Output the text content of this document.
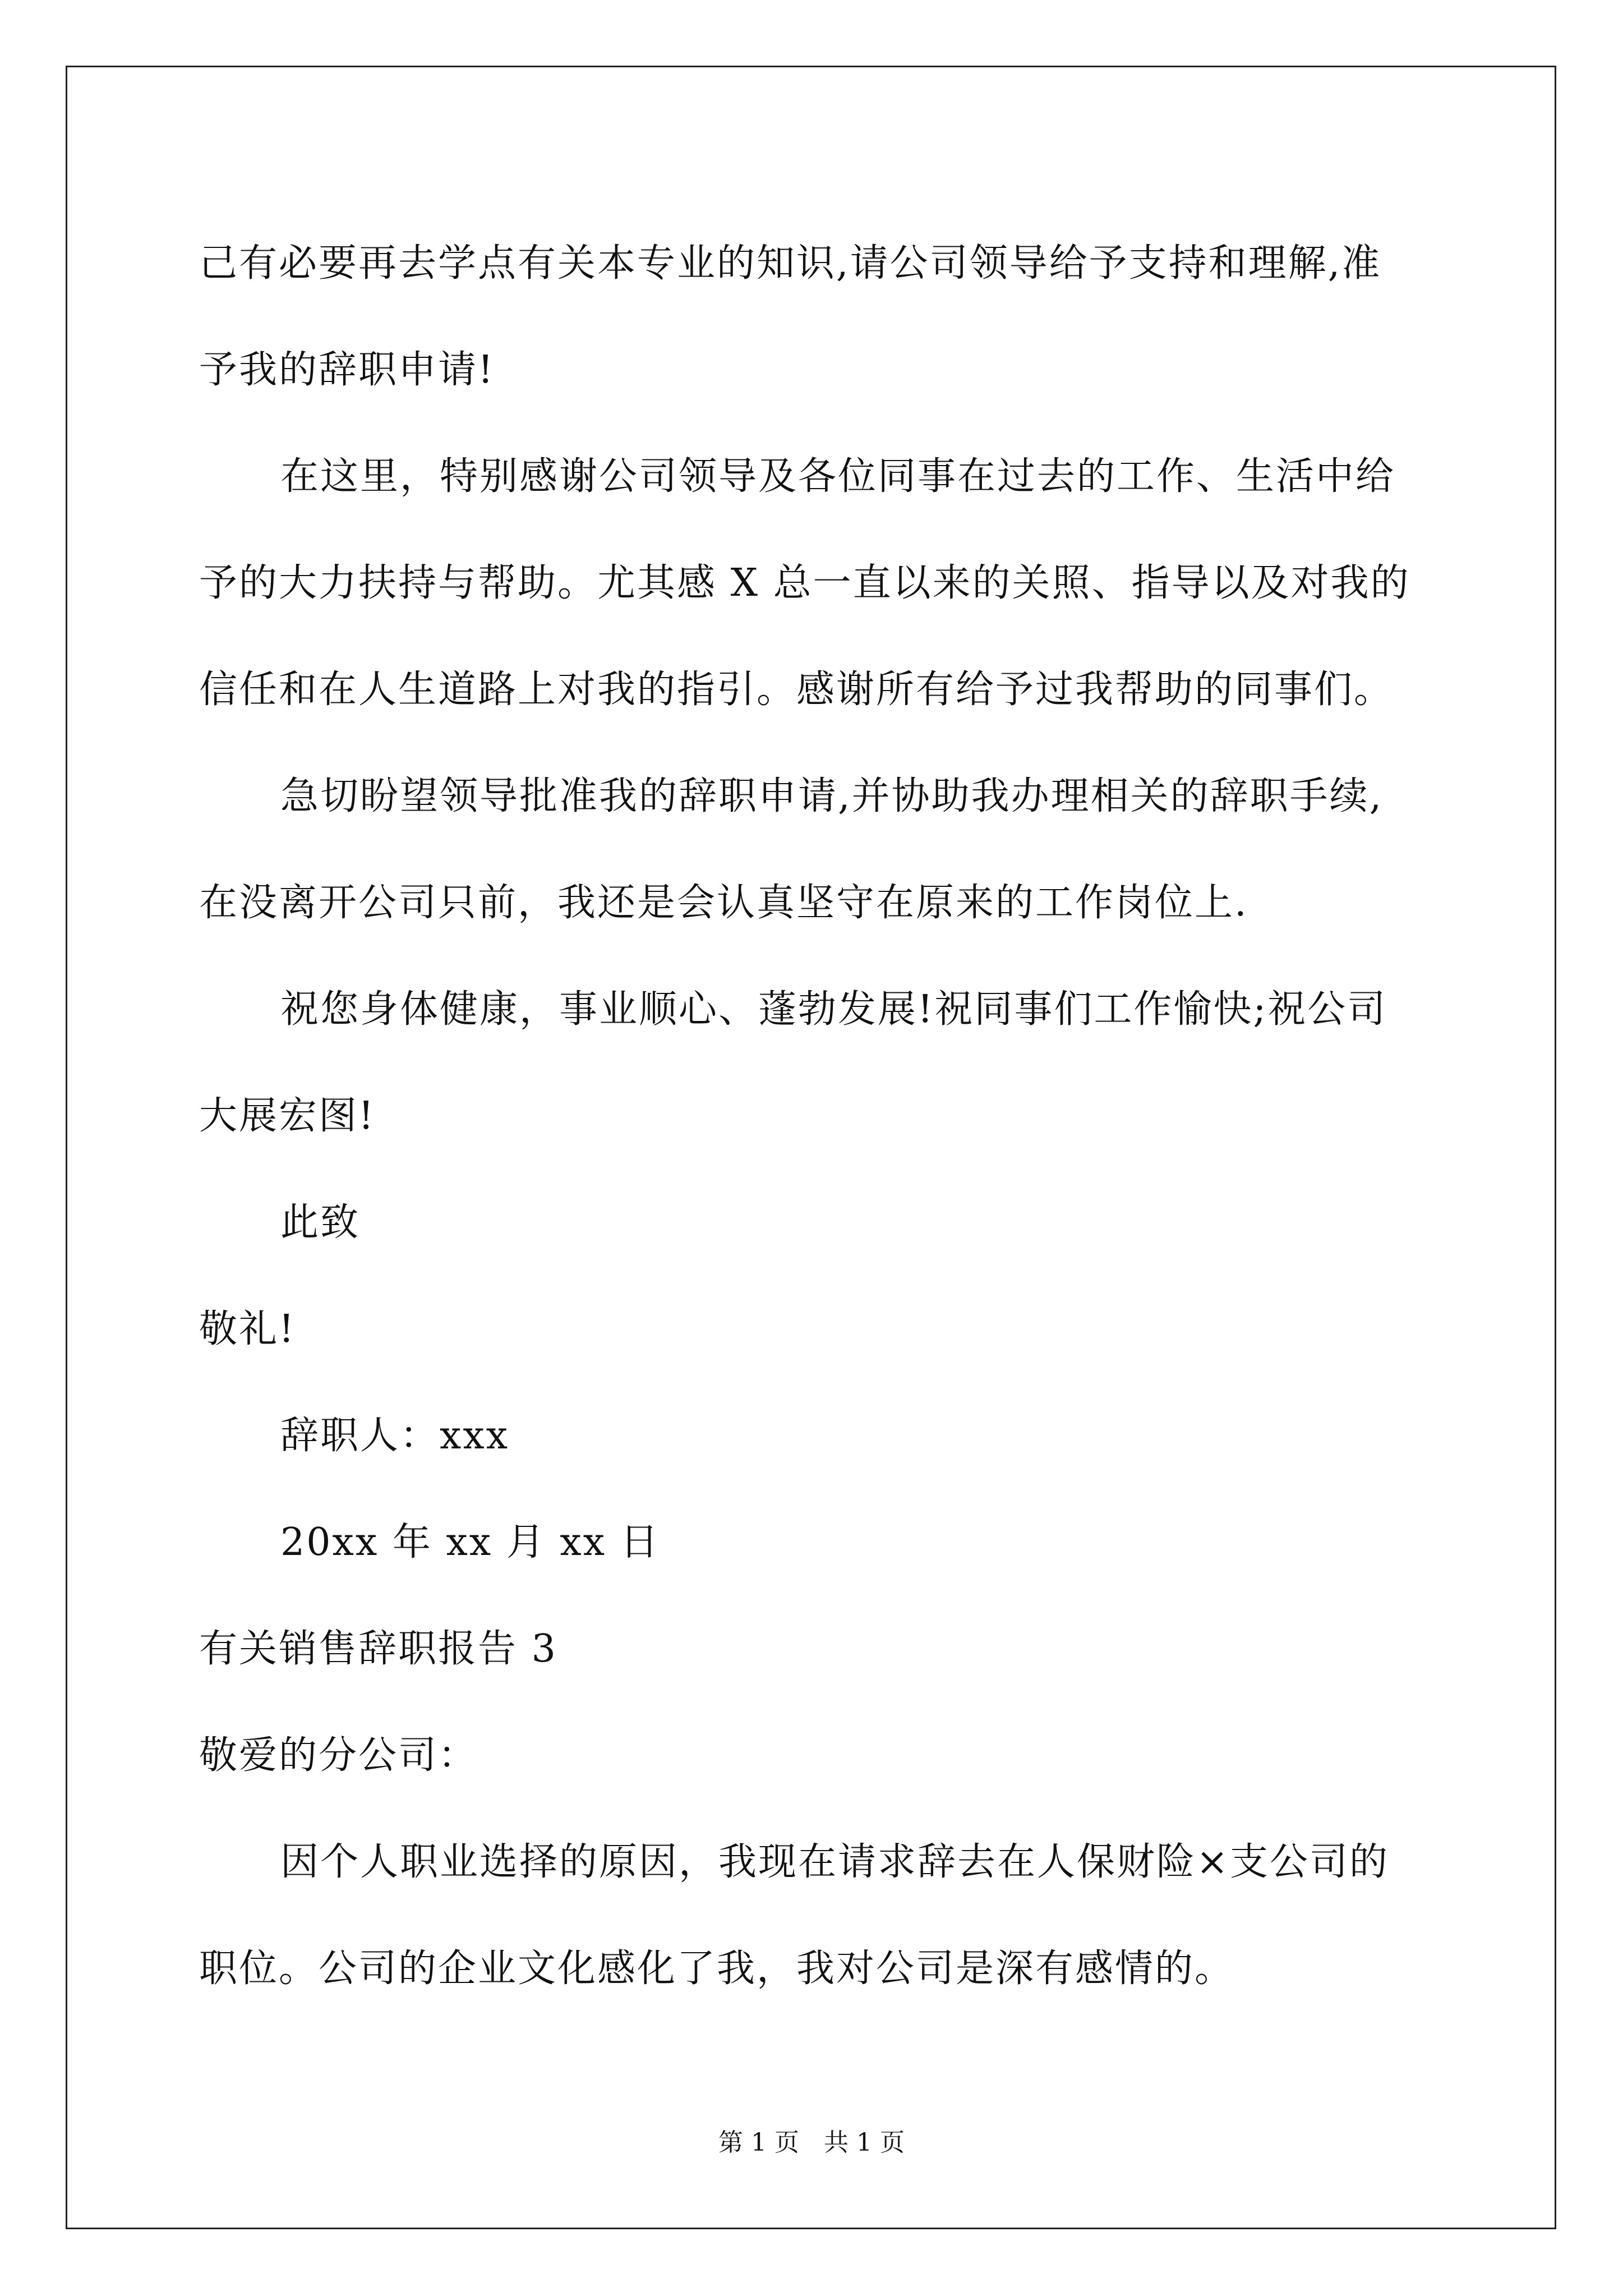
己有必要再去学点有关本专业的知识,请公司领导给予支持和理解,准
予我的辞职申请!
在这里，特别感谢公司领导及各位同事在过去的工作、生活中给
予的大力扶持与帮助。尤其感 X 总一直以来的关照、指导以及对我的
信任和在人生道路上对我的指引。感谢所有给予过我帮助的同事们。
急切盼望领导批准我的辞职申请,并协助我办理相关的辞职手续,
在没离开公司只前，我还是会认真坚守在原来的工作岗位上.
祝您身体健康，事业顺心、蓬勃发展!祝同事们工作愉快;祝公司
大展宏图!
此致
敬礼!
辞职人：xxx
20xx 年 xx 月 xx 日
有关销售辞职报告 3
敬爱的分公司：
因个人职业选择的原因，我现在请求辞去在人保财险×支公司的
职位。公司的企业文化感化了我，我对公司是深有感情的。
第 1 页　共 1 页
